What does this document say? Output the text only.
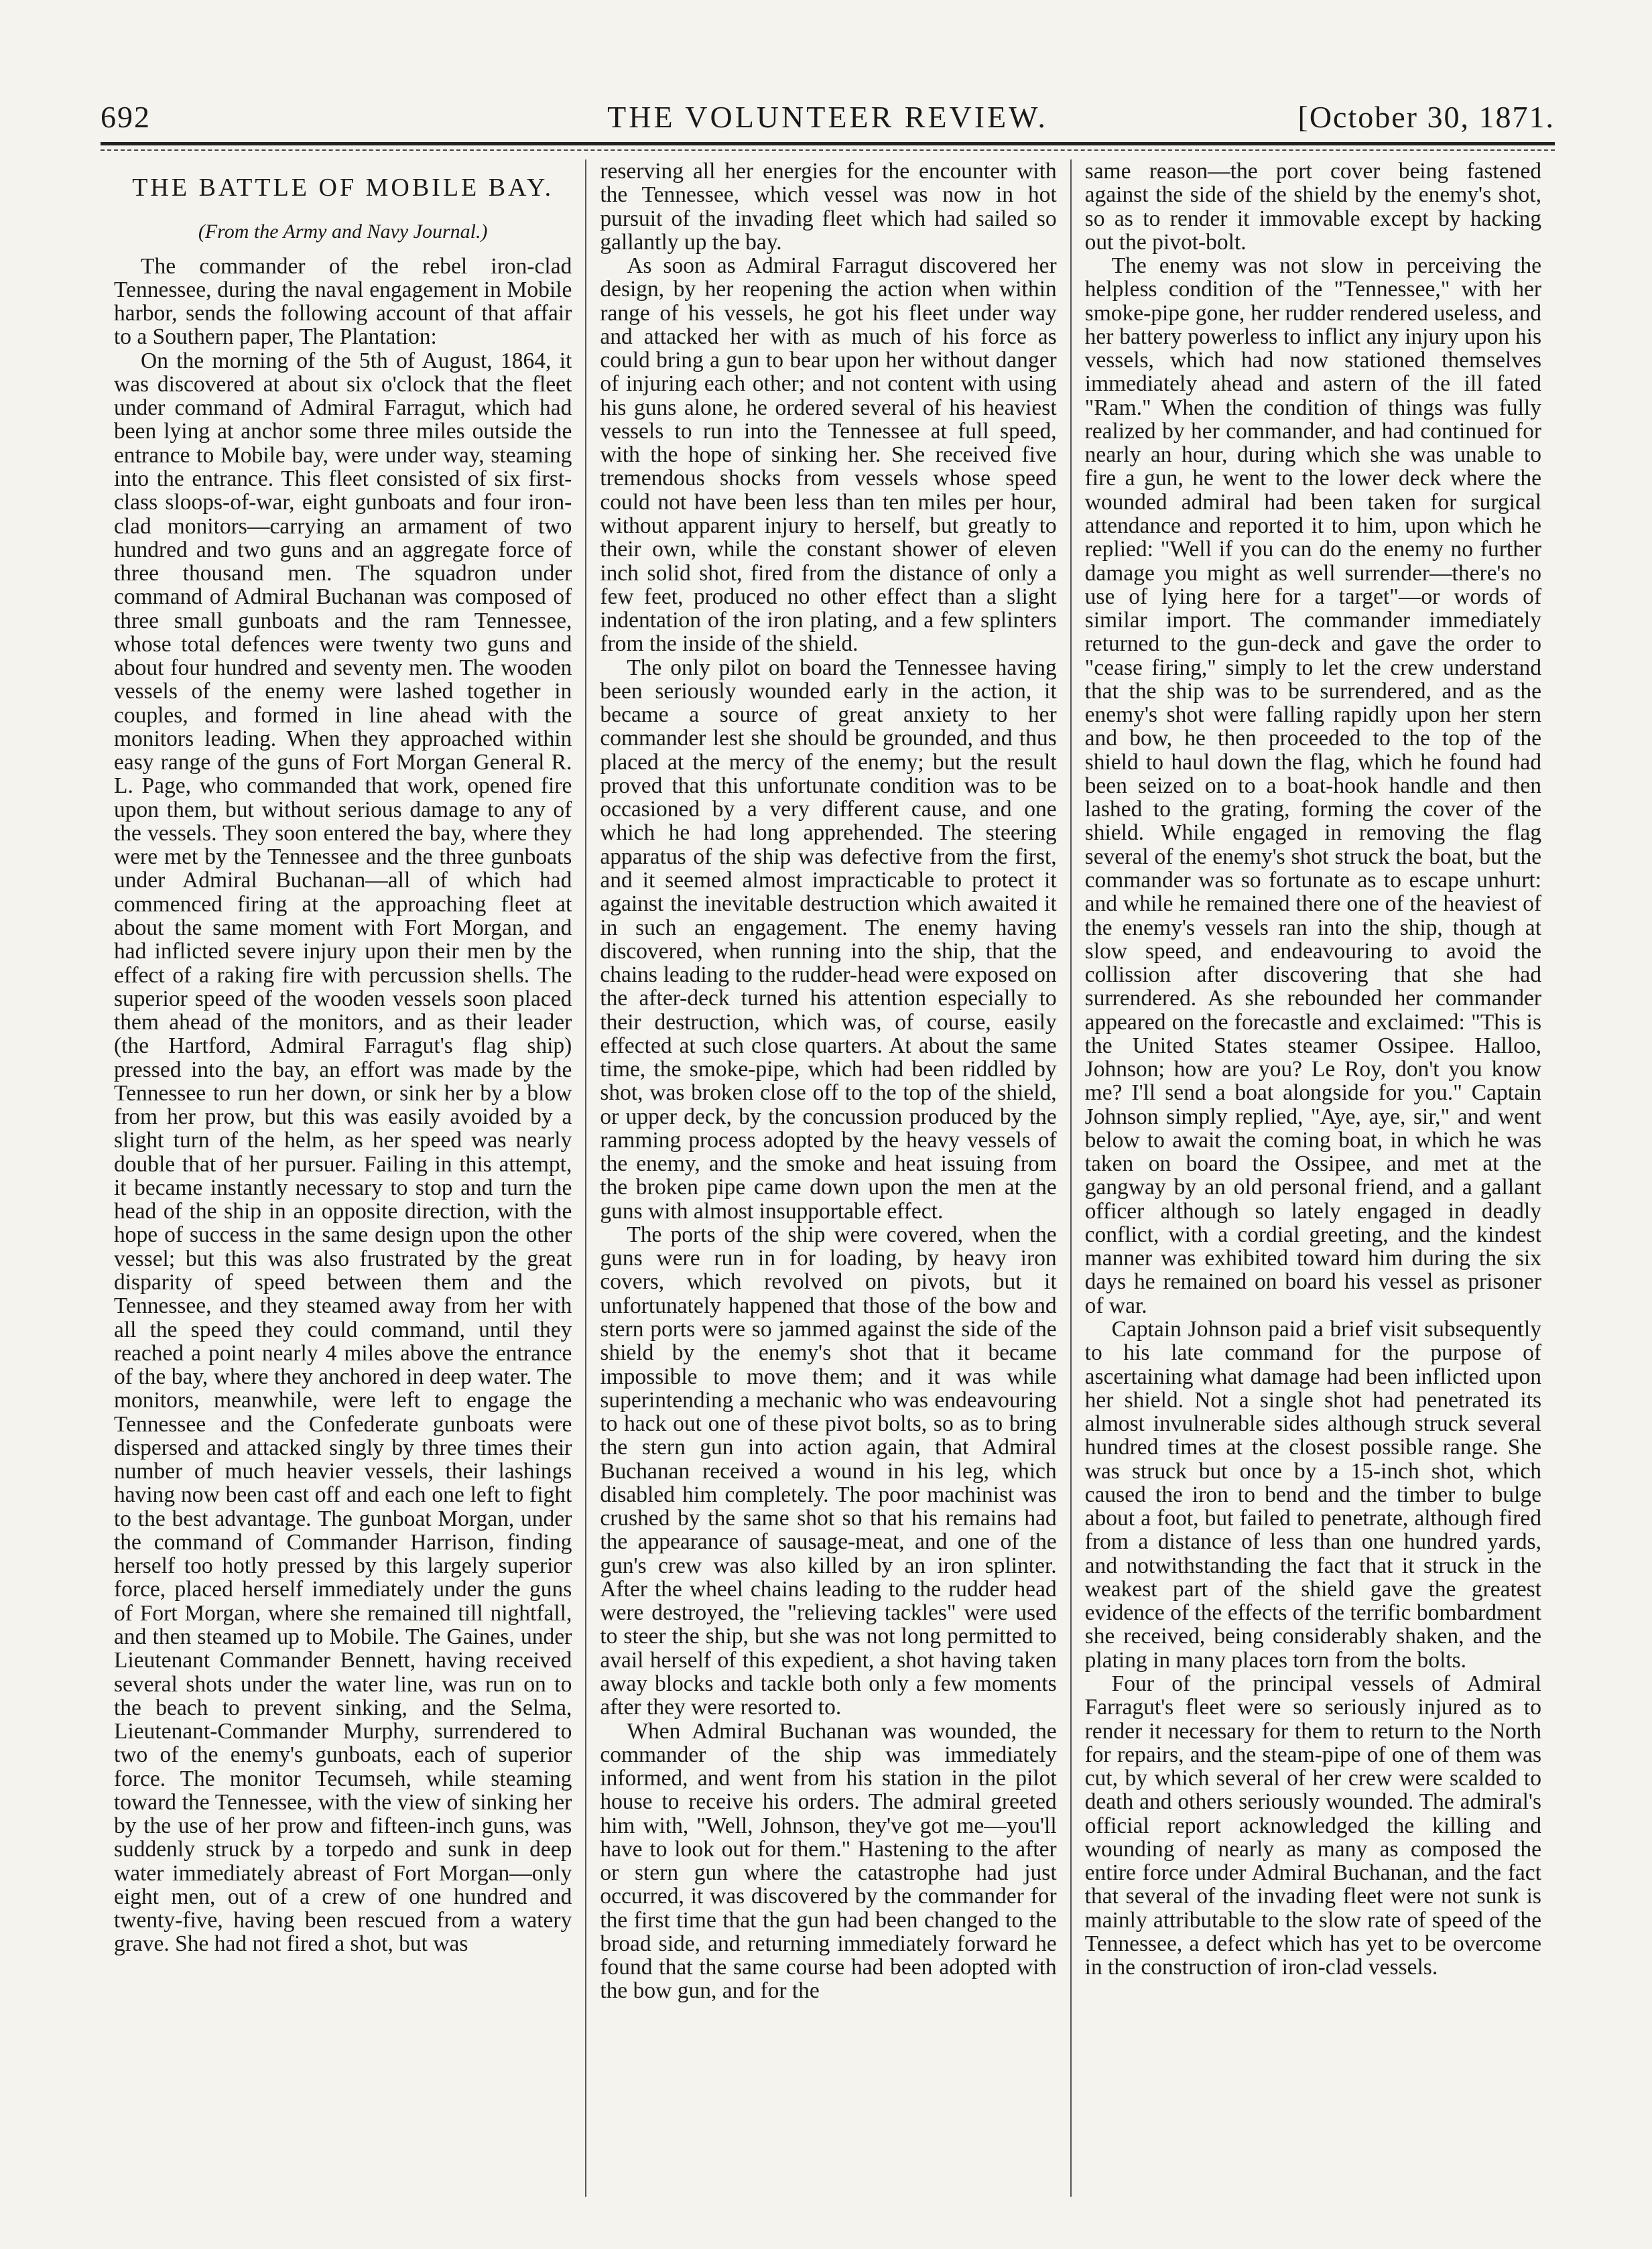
692	THE VOLUNTEER REVIEW.	[October 30, 1871.
THE BATTLE OF MOBILE BAY.
(From the Army and Navy Journal.)

The commander of the rebel iron-clad Tennessee, during the naval engagement in Mobile harbor, sends the following account of that affair to a Southern paper, The Plantation:

On the morning of the 5th of August, 1864, it was discovered at about six o'clock that the fleet under command of Admiral Farragut, which had been lying at anchor some three miles outside the entrance to Mobile bay, were under way, steaming into the entrance. This fleet consisted of six first-class sloops-of-war, eight gunboats and four iron-clad monitors—carrying an armament of two hundred and two guns and an aggregate force of three thousand men. The squadron under command of Admiral Buchanan was composed of three small gunboats and the ram Tennessee, whose total defences were twenty two guns and about four hundred and seventy men. The wooden vessels of the enemy were lashed together in couples, and formed in line ahead with the monitors leading. When they approached within easy range of the guns of Fort Morgan General R. L. Page, who commanded that work, opened fire upon them, but without serious damage to any of the vessels. They soon entered the bay, where they were met by the Tennessee and the three gunboats under Admiral Buchanan—all of which had commenced firing at the approaching fleet at about the same moment with Fort Morgan, and had inflicted severe injury upon their men by the effect of a raking fire with percussion shells. The superior speed of the wooden vessels soon placed them ahead of the monitors, and as their leader (the Hartford, Admiral Farragut's flag ship) pressed into the bay, an effort was made by the Tennessee to run her down, or sink her by a blow from her prow, but this was easily avoided by a slight turn of the helm, as her speed was nearly double that of her pursuer. Failing in this attempt, it became instantly necessary to stop and turn the head of the ship in an opposite direction, with the hope of success in the same design upon the other vessel; but this was also frustrated by the great disparity of speed between them and the Tennessee, and they steamed away from her with all the speed they could command, until they reached a point nearly 4 miles above the entrance of the bay, where they anchored in deep water. The monitors, meanwhile, were left to engage the Tennessee and the Confederate gunboats were dispersed and attacked singly by three times their number of much heavier vessels, their lashings having now been cast off and each one left to fight to the best advantage. The gunboat Morgan, under the command of Commander Harrison, finding herself too hotly pressed by this largely superior force, placed herself immediately under the guns of Fort Morgan, where she remained till nightfall, and then steamed up to Mobile. The Gaines, under Lieutenant Commander Bennett, having received several shots under the water line, was run on to the beach to prevent sinking, and the Selma, Lieutenant-Commander Murphy, surrendered to two of the enemy's gunboats, each of superior force. The monitor Tecumseh, while steaming toward the Tennessee, with the view of sinking her by the use of her prow and fifteen-inch guns, was suddenly struck by a torpedo and sunk in deep water immediately abreast of Fort Morgan—only eight men, out of a crew of one hundred and twenty-five, having been rescued from a watery grave. She had not fired a shot, but was

reserving all her energies for the encounter with the Tennessee, which vessel was now in hot pursuit of the invading fleet which had sailed so gallantly up the bay.

As soon as Admiral Farragut discovered her design, by her reopening the action when within range of his vessels, he got his fleet under way and attacked her with as much of his force as could bring a gun to bear upon her without danger of injuring each other; and not content with using his guns alone, he ordered several of his heaviest vessels to run into the Tennessee at full speed, with the hope of sinking her. She received five tremendous shocks from vessels whose speed could not have been less than ten miles per hour, without apparent injury to herself, but greatly to their own, while the constant shower of eleven inch solid shot, fired from the distance of only a few feet, produced no other effect than a slight indentation of the iron plating, and a few splinters from the inside of the shield.

The only pilot on board the Tennessee having been seriously wounded early in the action, it became a source of great anxiety to her commander lest she should be grounded, and thus placed at the mercy of the enemy; but the result proved that this unfortunate condition was to be occasioned by a very different cause, and one which he had long apprehended. The steering apparatus of the ship was defective from the first, and it seemed almost impracticable to protect it against the inevitable destruction which awaited it in such an engagement. The enemy having discovered, when running into the ship, that the chains leading to the rudder-head were exposed on the after-deck turned his attention especially to their destruction, which was, of course, easily effected at such close quarters. At about the same time, the smoke-pipe, which had been riddled by shot, was broken close off to the top of the shield, or upper deck, by the concussion produced by the ramming process adopted by the heavy vessels of the enemy, and the smoke and heat issuing from the broken pipe came down upon the men at the guns with almost insupportable effect.

The ports of the ship were covered, when the guns were run in for loading, by heavy iron covers, which revolved on pivots, but it unfortunately happened that those of the bow and stern ports were so jammed against the side of the shield by the enemy's shot that it became impossible to move them; and it was while superintending a mechanic who was endeavouring to hack out one of these pivot bolts, so as to bring the stern gun into action again, that Admiral Buchanan received a wound in his leg, which disabled him completely. The poor machinist was crushed by the same shot so that his remains had the appearance of sausage-meat, and one of the gun's crew was also killed by an iron splinter. After the wheel chains leading to the rudder head were destroyed, the "relieving tackles" were used to steer the ship, but she was not long permitted to avail herself of this expedient, a shot having taken away blocks and tackle both only a few moments after they were resorted to.

When Admiral Buchanan was wounded, the commander of the ship was immediately informed, and went from his station in the pilot house to receive his orders. The admiral greeted him with, "Well, Johnson, they've got me—you'll have to look out for them." Hastening to the after or stern gun where the catastrophe had just occurred, it was discovered by the commander for the first time that the gun had been changed to the broad side, and returning immediately forward he found that the same course had been adopted with the bow gun, and for the

same reason—the port cover being fastened against the side of the shield by the enemy's shot, so as to render it immovable except by hacking out the pivot-bolt.

The enemy was not slow in perceiving the helpless condition of the "Tennessee," with her smoke-pipe gone, her rudder rendered useless, and her battery powerless to inflict any injury upon his vessels, which had now stationed themselves immediately ahead and astern of the ill fated "Ram." When the condition of things was fully realized by her commander, and had continued for nearly an hour, during which she was unable to fire a gun, he went to the lower deck where the wounded admiral had been taken for surgical attendance and reported it to him, upon which he replied: "Well if you can do the enemy no further damage you might as well surrender—there's no use of lying here for a target"—or words of similar import. The commander immediately returned to the gun-deck and gave the order to "cease firing," simply to let the crew understand that the ship was to be surrendered, and as the enemy's shot were falling rapidly upon her stern and bow, he then proceeded to the top of the shield to haul down the flag, which he found had been seized on to a boat-hook handle and then lashed to the grating, forming the cover of the shield. While engaged in removing the flag several of the enemy's shot struck the boat, but the commander was so fortunate as to escape unhurt: and while he remained there one of the heaviest of the enemy's vessels ran into the ship, though at slow speed, and endeavouring to avoid the collission after discovering that she had surrendered. As she rebounded her commander appeared on the forecastle and exclaimed: "This is the United States steamer Ossipee. Halloo, Johnson; how are you? Le Roy, don't you know me? I'll send a boat alongside for you." Captain Johnson simply replied, "Aye, aye, sir," and went below to await the coming boat, in which he was taken on board the Ossipee, and met at the gangway by an old personal friend, and a gallant officer although so lately engaged in deadly conflict, with a cordial greeting, and the kindest manner was exhibited toward him during the six days he remained on board his vessel as prisoner of war.

Captain Johnson paid a brief visit subsequently to his late command for the purpose of ascertaining what damage had been inflicted upon her shield. Not a single shot had penetrated its almost invulnerable sides although struck several hundred times at the closest possible range. She was struck but once by a 15-inch shot, which caused the iron to bend and the timber to bulge about a foot, but failed to penetrate, although fired from a distance of less than one hundred yards, and notwithstanding the fact that it struck in the weakest part of the shield gave the greatest evidence of the effects of the terrific bombardment she received, being considerably shaken, and the plating in many places torn from the bolts.

Four of the principal vessels of Admiral Farragut's fleet were so seriously injured as to render it necessary for them to return to the North for repairs, and the steam-pipe of one of them was cut, by which several of her crew were scalded to death and others seriously wounded. The admiral's official report acknowledged the killing and wounding of nearly as many as composed the entire force under Admiral Buchanan, and the fact that several of the invading fleet were not sunk is mainly attributable to the slow rate of speed of the Tennessee, a defect which has yet to be overcome in the construction of iron-clad vessels.
